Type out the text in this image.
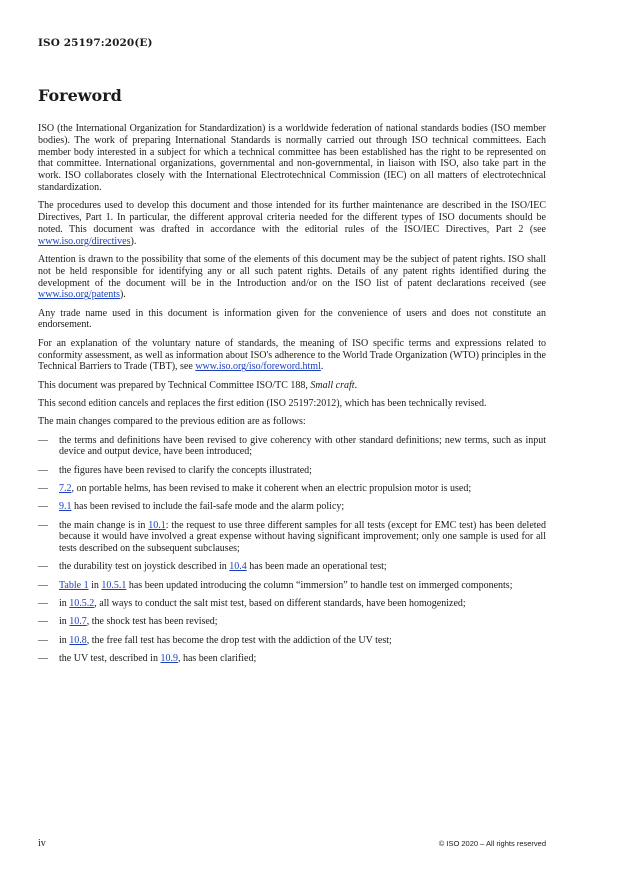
ISO 25197:2020(E)
Foreword

ISO (the International Organization for Standardization) is a worldwide federation of national standards bodies (ISO member bodies). The work of preparing International Standards is normally carried out through ISO technical committees. Each member body interested in a subject for which a technical committee has been established has the right to be represented on that committee. International organizations, governmental and non-governmental, in liaison with ISO, also take part in the work. ISO collaborates closely with the International Electrotechnical Commission (IEC) on all matters of electrotechnical standardization.

The procedures used to develop this document and those intended for its further maintenance are described in the ISO/IEC Directives, Part 1. In particular, the different approval criteria needed for the different types of ISO documents should be noted. This document was drafted in accordance with the editorial rules of the ISO/IEC Directives, Part 2 (see www.iso.org/directives).

Attention is drawn to the possibility that some of the elements of this document may be the subject of patent rights. ISO shall not be held responsible for identifying any or all such patent rights. Details of any patent rights identified during the development of the document will be in the Introduction and/or on the ISO list of patent declarations received (see www.iso.org/patents).

Any trade name used in this document is information given for the convenience of users and does not constitute an endorsement.

For an explanation of the voluntary nature of standards, the meaning of ISO specific terms and expressions related to conformity assessment, as well as information about ISO's adherence to the World Trade Organization (WTO) principles in the Technical Barriers to Trade (TBT), see www.iso.org/iso/foreword.html.

This document was prepared by Technical Committee ISO/TC 188, Small craft.

This second edition cancels and replaces the first edition (ISO 25197:2012), which has been technically revised.

The main changes compared to the previous edition are as follows:

—	the terms and definitions have been revised to give coherency with other standard definitions; new terms, such as input device and output device, have been introduced;
—	the figures have been revised to clarify the concepts illustrated;
—	7.2, on portable helms, has been revised to make it coherent when an electric propulsion motor is used;
—	9.1 has been revised to include the fail-safe mode and the alarm policy;
—	the main change is in 10.1: the request to use three different samples for all tests (except for EMC test) has been deleted because it would have involved a great expense without having significant improvement; only one sample is used for all tests described on the subsequent subclauses;
—	the durability test on joystick described in 10.4 has been made an operational test;
—	Table 1 in 10.5.1 has been updated introducing the column “immersion” to handle test on immerged components;
—	in 10.5.2, all ways to conduct the salt mist test, based on different standards, have been homogenized;
—	in 10.7, the shock test has been revised;
—	in 10.8, the free fall test has become the drop test with the addiction of the UV test;
—	the UV test, described in 10.9, has been clarified;
iv	© ISO 2020 – All rights reserved
